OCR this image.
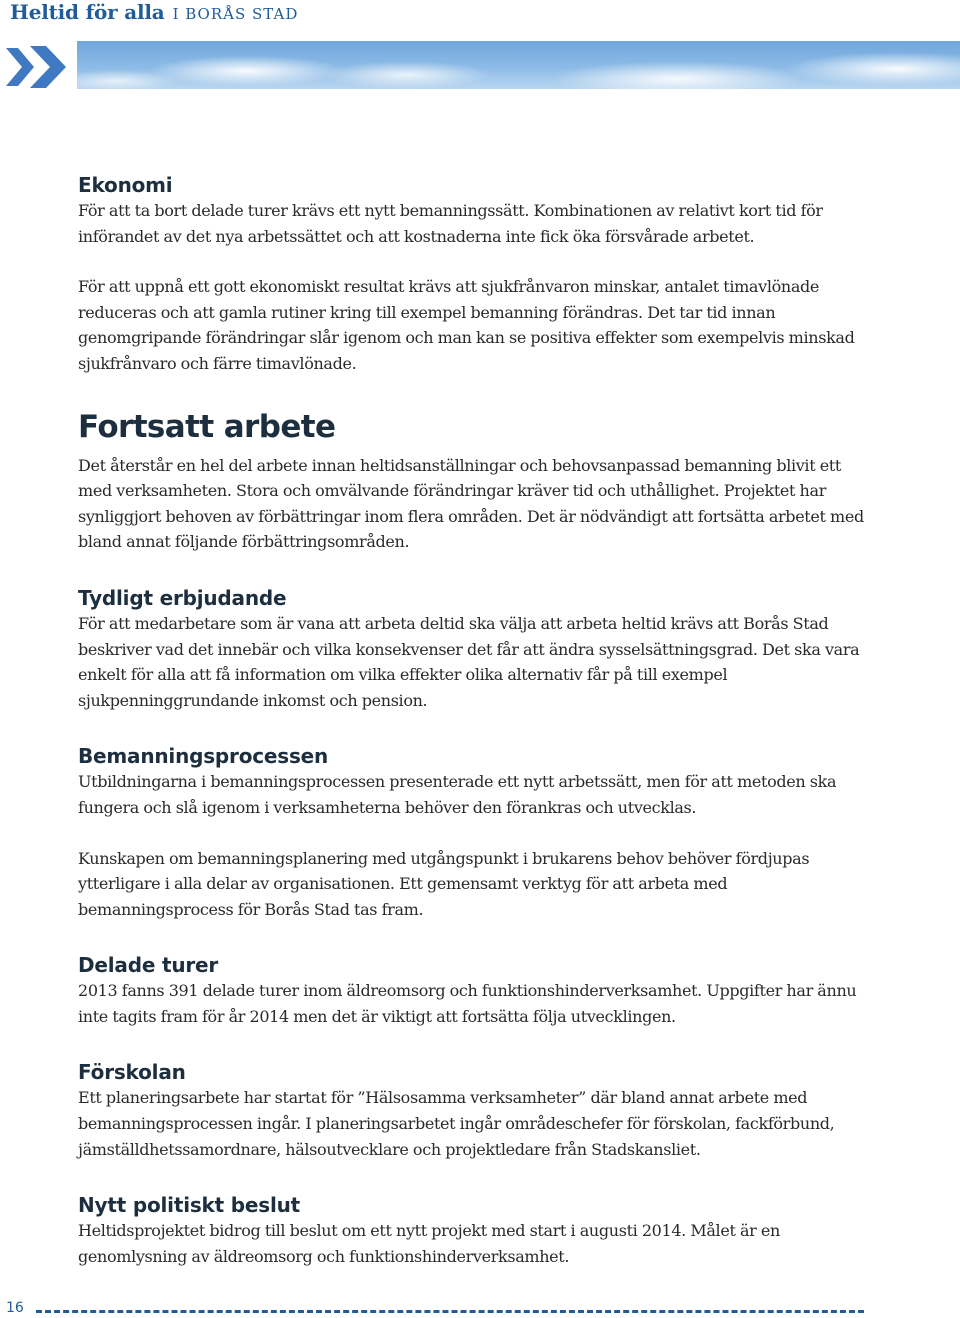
Heltid för alla I BORÅS STAD
Ekonomi

För att ta bort delade turer krävs ett nytt bemanningssätt. Kombinationen av relativt kort tid för införandet av det nya arbetssättet och att kostnaderna inte fick öka försvårade arbetet.

För att uppnå ett gott ekonomiskt resultat krävs att sjukfrånvaron minskar, antalet timavlönade reduceras och att gamla rutiner kring till exempel bemanning förändras. Det tar tid innan genomgripande förändringar slår igenom och man kan se positiva effekter som exempelvis minskad sjukfrånvaro och färre timavlönade.

Fortsatt arbete

Det återstår en hel del arbete innan heltidsanställningar och behovsanpassad bemanning blivit ett med verksamheten. Stora och omvälvande förändringar kräver tid och uthållighet. Projektet har synliggjort behoven av förbättringar inom flera områden. Det är nödvändigt att fortsätta arbetet med bland annat följande förbättringsområden.

Tydligt erbjudande

För att medarbetare som är vana att arbeta deltid ska välja att arbeta heltid krävs att Borås Stad beskriver vad det innebär och vilka konsekvenser det får att ändra sysselsättningsgrad. Det ska vara enkelt för alla att få information om vilka effekter olika alternativ får på till exempel sjukpenninggrundande inkomst och pension.

Bemanningsprocessen

Utbildningarna i bemanningsprocessen presenterade ett nytt arbetssätt, men för att metoden ska fungera och slå igenom i verksamheterna behöver den förankras och utvecklas.

Kunskapen om bemanningsplanering med utgångspunkt i brukarens behov behöver fördjupas ytterligare i alla delar av organisationen. Ett gemensamt verktyg för att arbeta med bemanningsprocess för Borås Stad tas fram.

Delade turer

2013 fanns 391 delade turer inom äldreomsorg och funktionshinderverksamhet. Uppgifter har ännu inte tagits fram för år 2014 men det är viktigt att fortsätta följa utvecklingen.

Förskolan

Ett planeringsarbete har startat för ”Hälsosamma verksamheter” där bland annat arbete med bemanningsprocessen ingår. I planeringsarbetet ingår områdeschefer för förskolan, fackförbund, jämställdhetssamordnare, hälsoutvecklare och projektledare från Stadskansliet.

Nytt politiskt beslut

Heltidsprojektet bidrog till beslut om ett nytt projekt med start i augusti 2014. Målet är en genomlysning av äldreomsorg och funktionshinderverksamhet.

16
